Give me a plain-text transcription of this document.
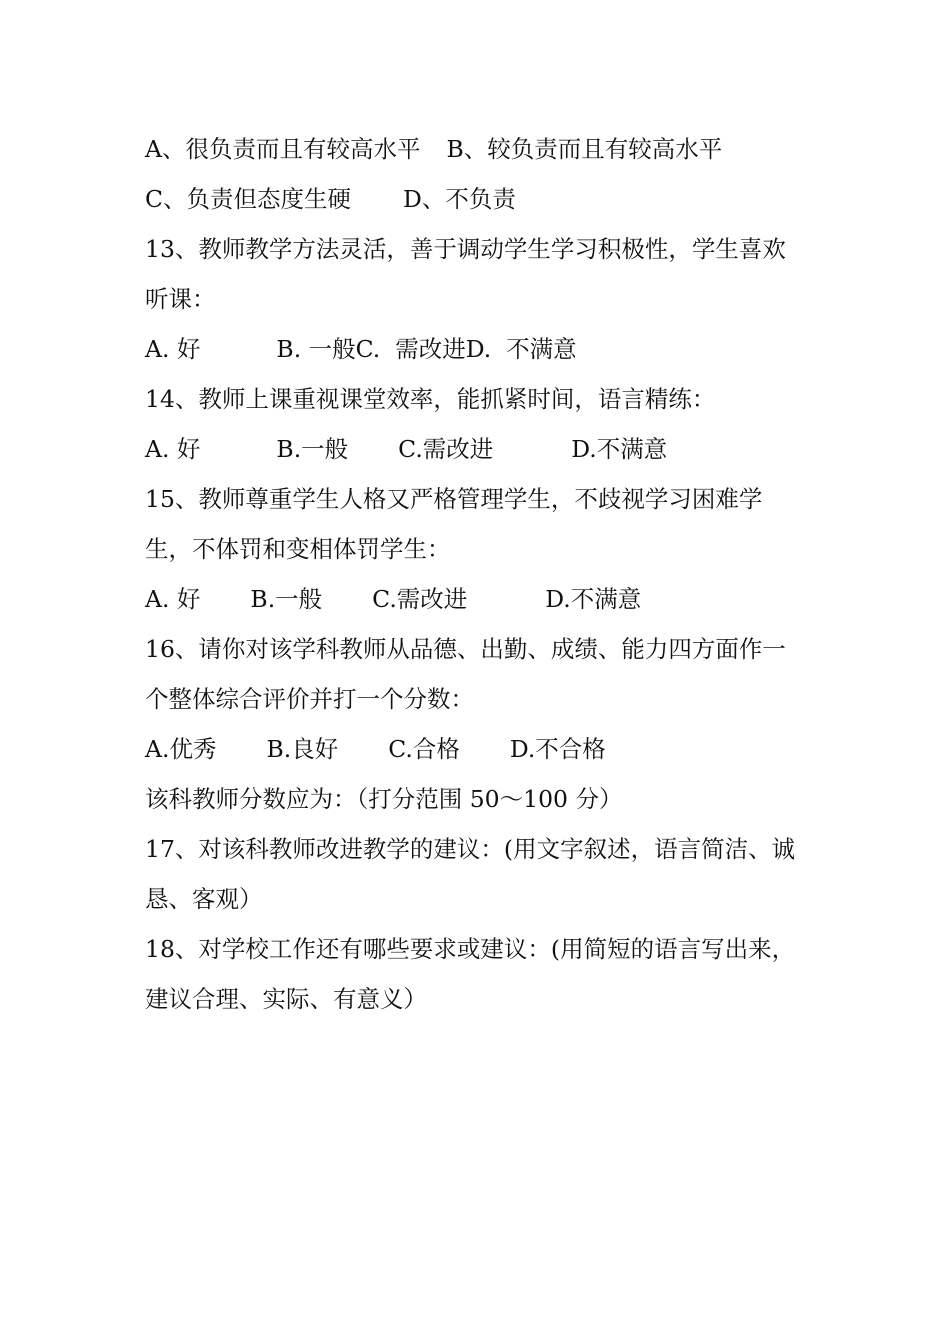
A、很负责而且有较高水平 B、较负责而且有较高水平
C、负责但态度生硬 D、不负责
13、教师教学方法灵活，善于调动学生学习积极性，学生喜欢
听课：
A. 好	B. 一般C.  需改进D.  不满意
14、教师上课重视课堂效率，能抓紧时间，语言精练：
A. 好	B.一般 C.需改进	D.不满意
15、教师尊重学生人格又严格管理学生，不歧视学习困难学
生，不体罚和变相体罚学生：
A. 好 B.一般 C.需改进	D.不满意
16、请你对该学科教师从品德、出勤、成绩、能力四方面作一
个整体综合评价并打一个分数：
A.优秀 B.良好 C.合格 D.不合格
该科教师分数应为：（打分范围 50～100 分）
17、对该科教师改进教学的建议：(用文字叙述，语言简洁、诚
恳、客观）
18、对学校工作还有哪些要求或建议：(用简短的语言写出来，
建议合理、实际、有意义）
